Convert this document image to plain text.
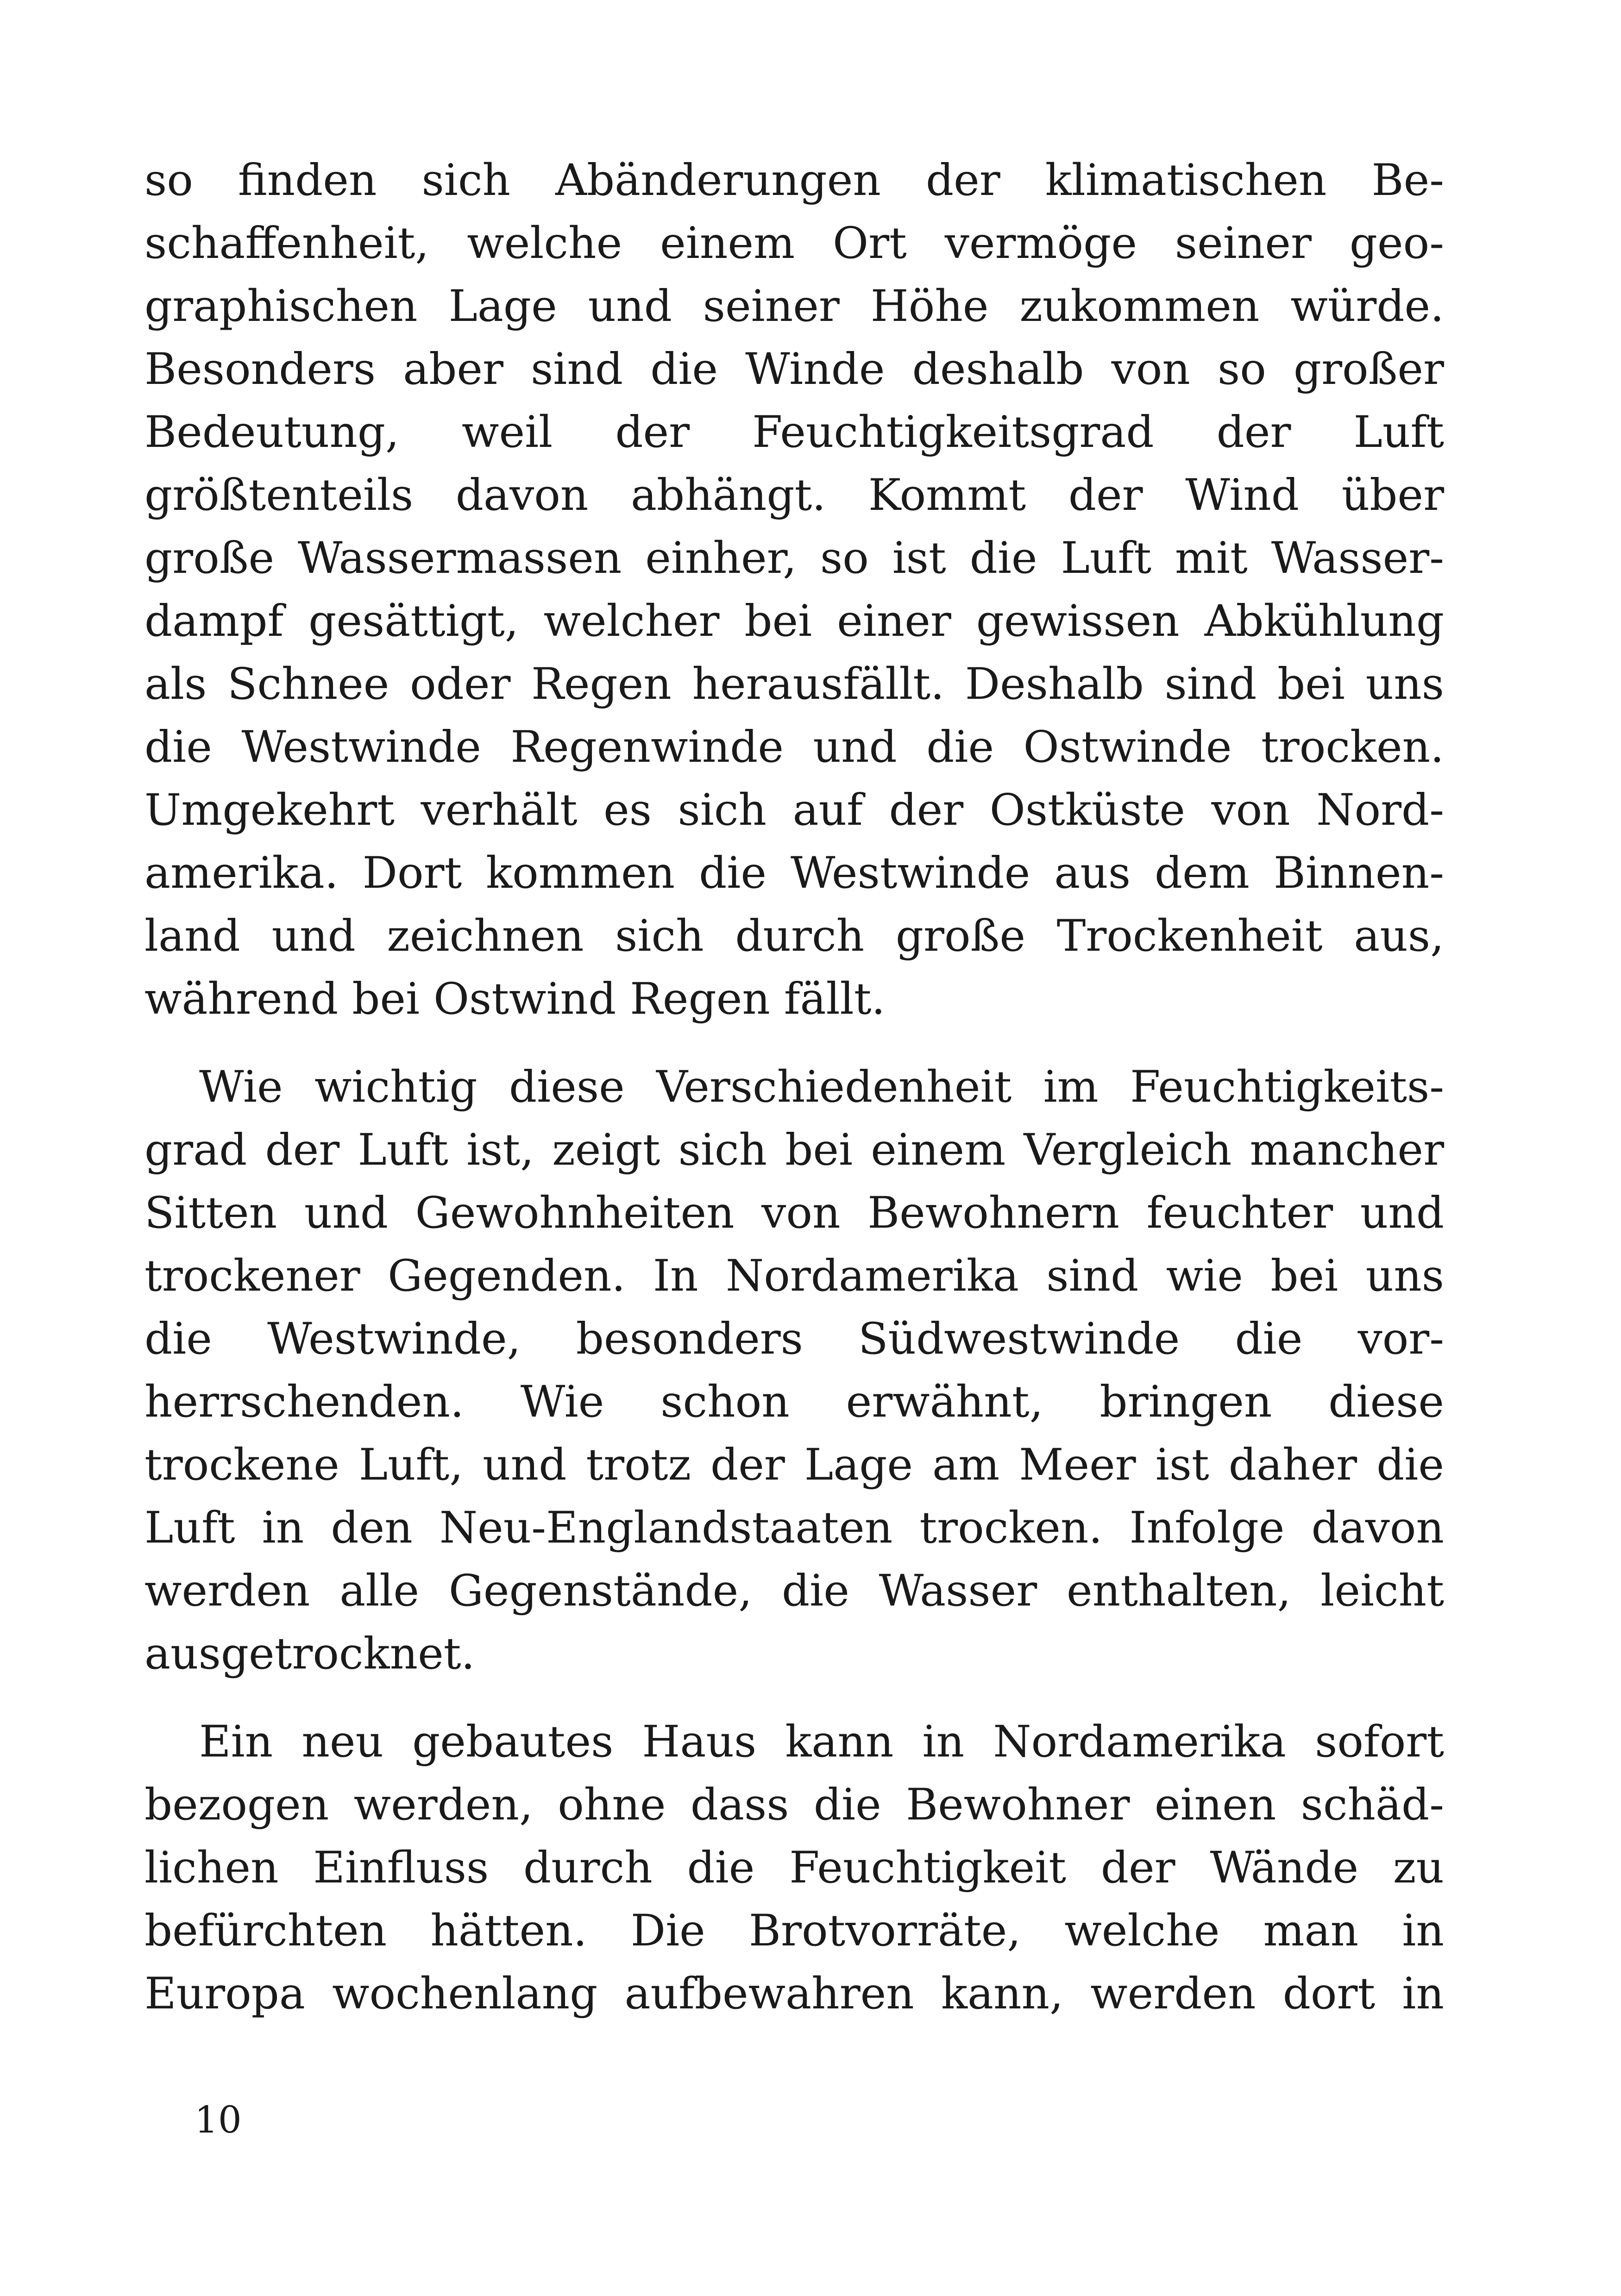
so finden sich Abänderungen der klimatischen Be-
schaffenheit, welche einem Ort vermöge seiner geo-
graphischen Lage und seiner Höhe zukommen würde.
Besonders aber sind die Winde deshalb von so großer
Bedeutung, weil der Feuchtigkeitsgrad der Luft
größtenteils davon abhängt. Kommt der Wind über
große Wassermassen einher, so ist die Luft mit Wasser-
dampf gesättigt, welcher bei einer gewissen Abkühlung
als Schnee oder Regen herausfällt. Deshalb sind bei uns
die Westwinde Regenwinde und die Ostwinde trocken.
Umgekehrt verhält es sich auf der Ostküste von Nord-
amerika. Dort kommen die Westwinde aus dem Binnen-
land und zeichnen sich durch große Trockenheit aus,
während bei Ostwind Regen fällt.
Wie wichtig diese Verschiedenheit im Feuchtigkeits-
grad der Luft ist, zeigt sich bei einem Vergleich mancher
Sitten und Gewohnheiten von Bewohnern feuchter und
trockener Gegenden. In Nordamerika sind wie bei uns
die Westwinde, besonders Südwestwinde die vor-
herrschenden. Wie schon erwähnt, bringen diese
trockene Luft, und trotz der Lage am Meer ist daher die
Luft in den Neu-Englandstaaten trocken. Infolge davon
werden alle Gegenstände, die Wasser enthalten, leicht
ausgetrocknet.
Ein neu gebautes Haus kann in Nordamerika sofort
bezogen werden, ohne dass die Bewohner einen schäd-
lichen Einfluss durch die Feuchtigkeit der Wände zu
befürchten hätten. Die Brotvorräte, welche man in
Europa wochenlang aufbewahren kann, werden dort in
10
